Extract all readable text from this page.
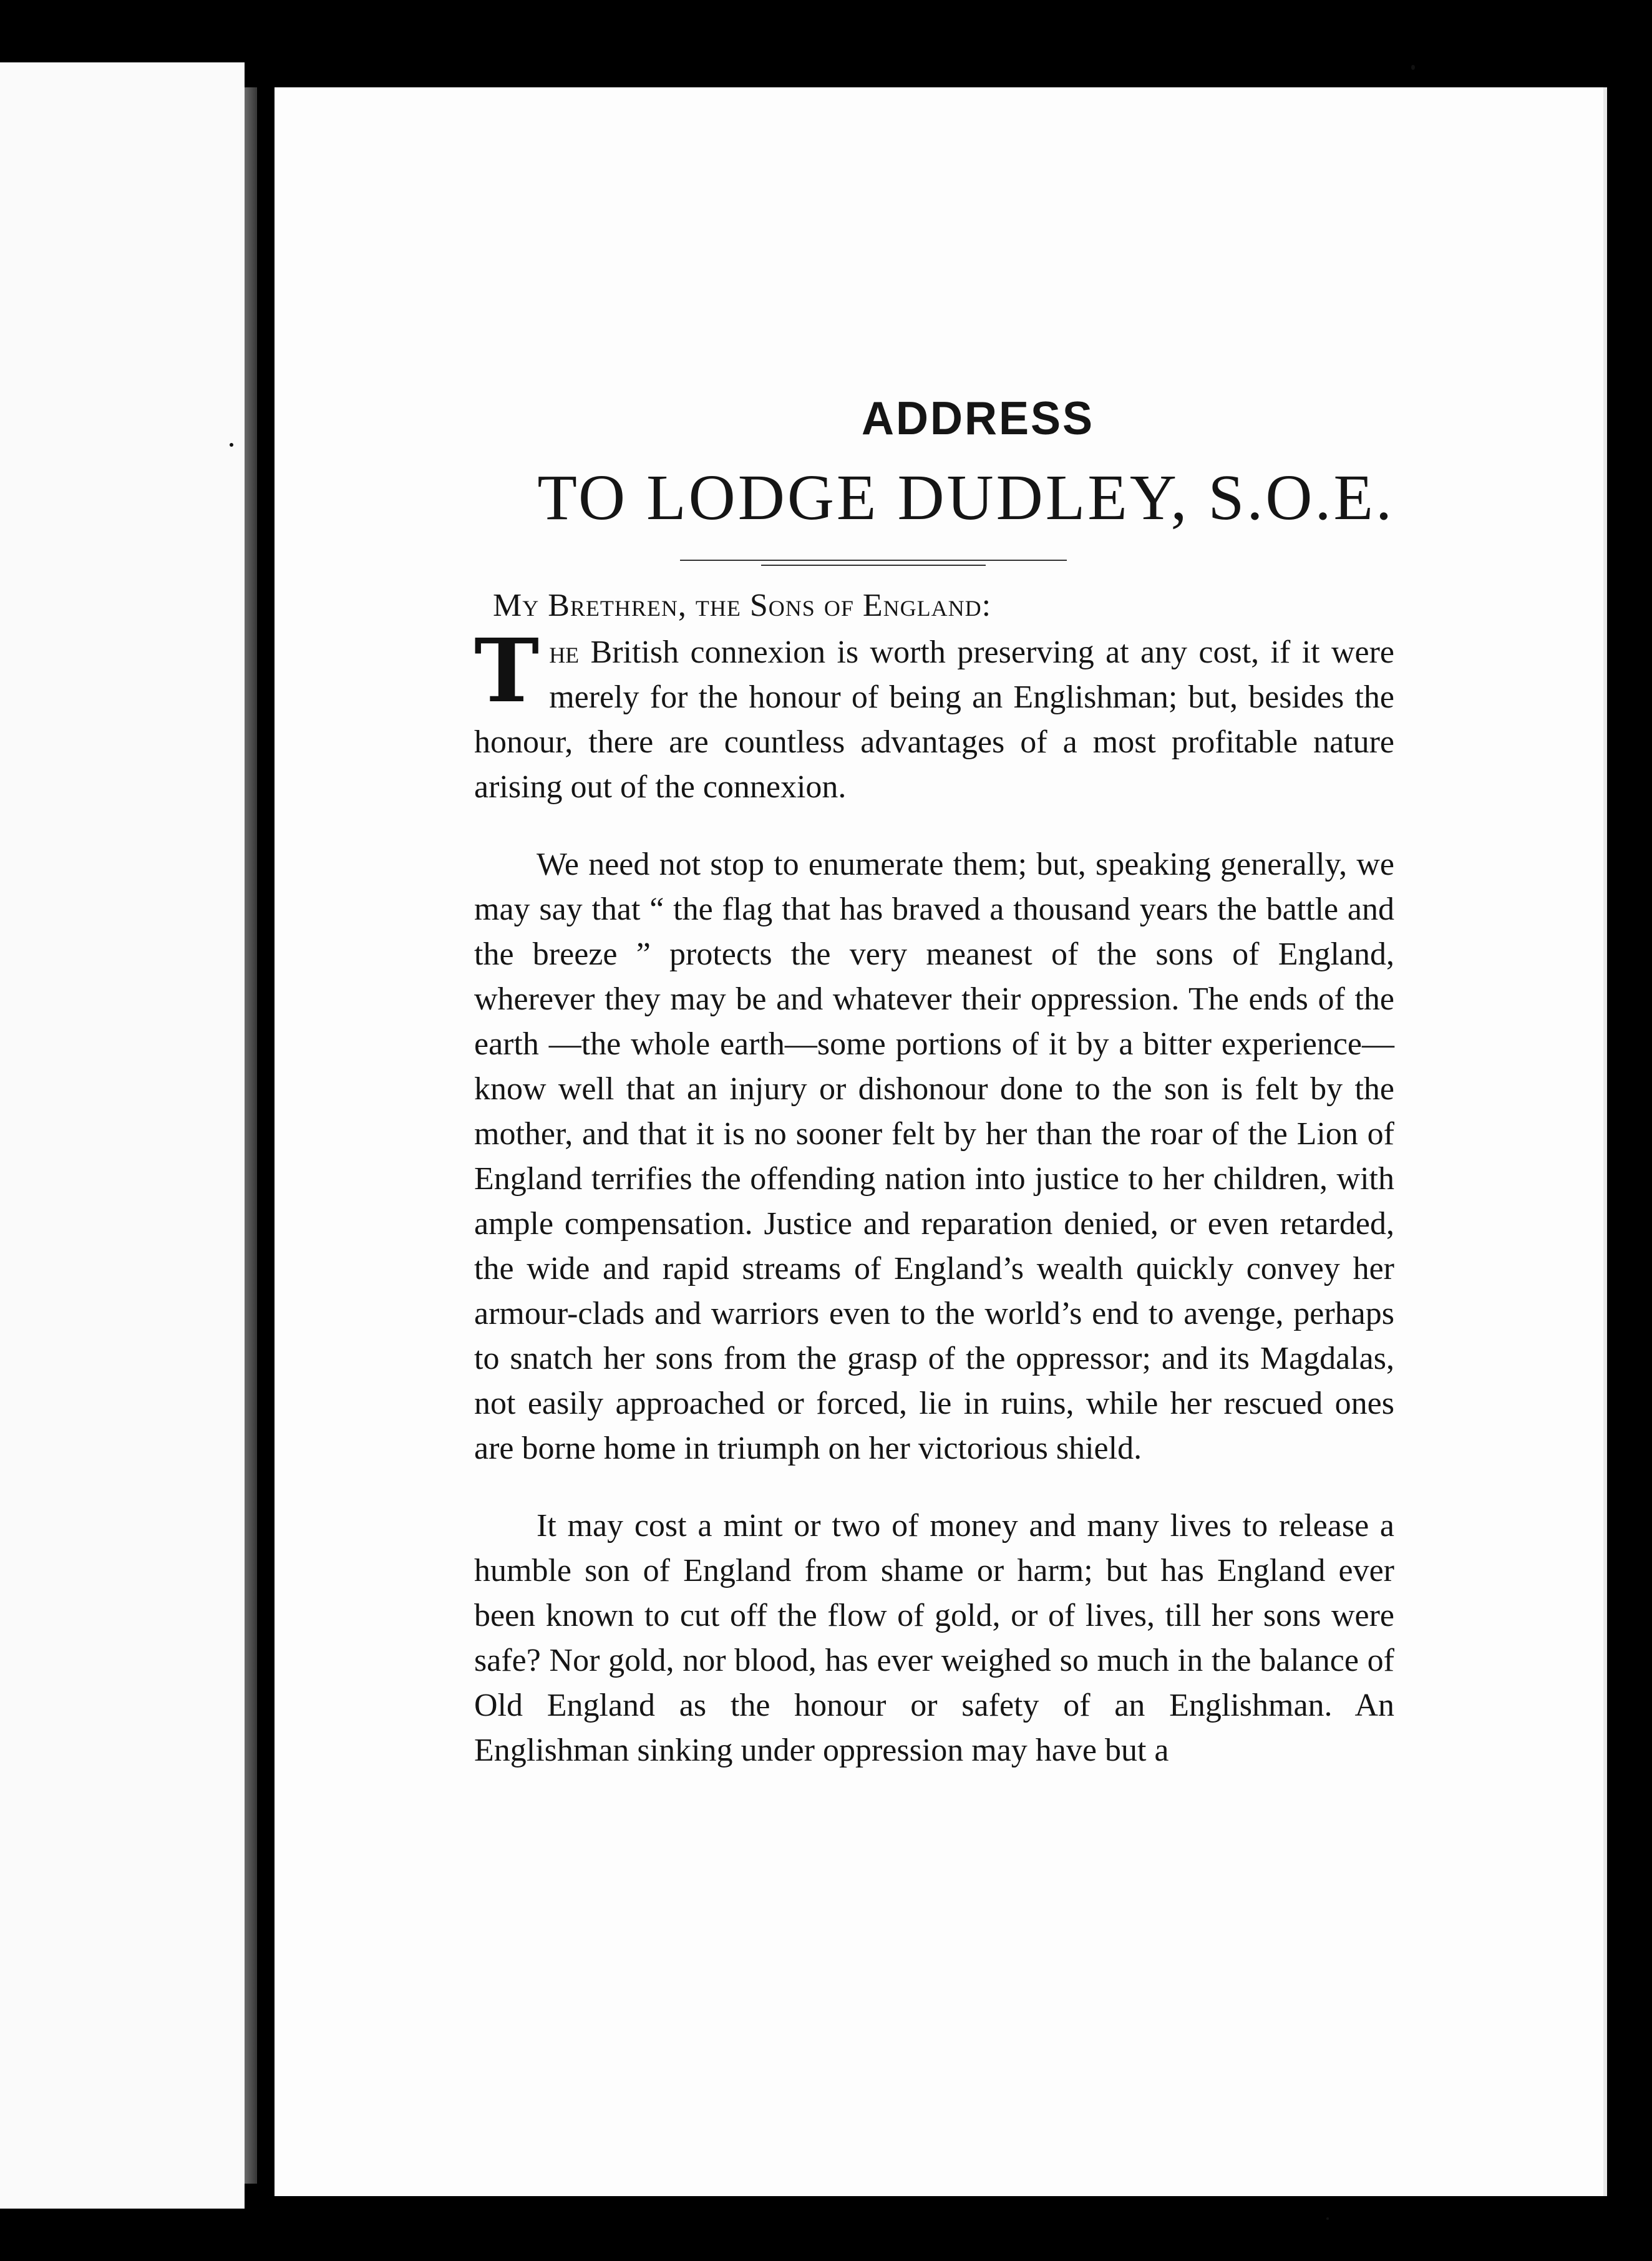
ADDRESS
TO LODGE DUDLEY, S.O.E.
My Brethren, the Sons of England:

The British connexion is worth preserving at any cost, if it were merely for the honour of being an Englishman; but, besides the honour, there are countless advantages of a most profitable nature arising out of the connexion.

We need not stop to enumerate them; but, speaking generally, we may say that “ the flag that has braved a thousand years the battle and the breeze ” protects the very meanest of the sons of England, wherever they may be and whatever their oppression. The ends of the earth —the whole earth—some portions of it by a bitter experience—know well that an injury or dishonour done to the son is felt by the mother, and that it is no sooner felt by her than the roar of the Lion of England terrifies the offending nation into justice to her children, with ample compensation. Justice and reparation denied, or even retarded, the wide and rapid streams of England’s wealth quickly convey her armour-clads and warriors even to the world’s end to avenge, perhaps to snatch her sons from the grasp of the oppressor; and its Magdalas, not easily approached or forced, lie in ruins, while her rescued ones are borne home in triumph on her victorious shield.

It may cost a mint or two of money and many lives to release a humble son of England from shame or harm; but has England ever been known to cut off the flow of gold, or of lives, till her sons were safe? Nor gold, nor blood, has ever weighed so much in the balance of Old England as the honour or safety of an Englishman. An Englishman sinking under oppression may have but a
